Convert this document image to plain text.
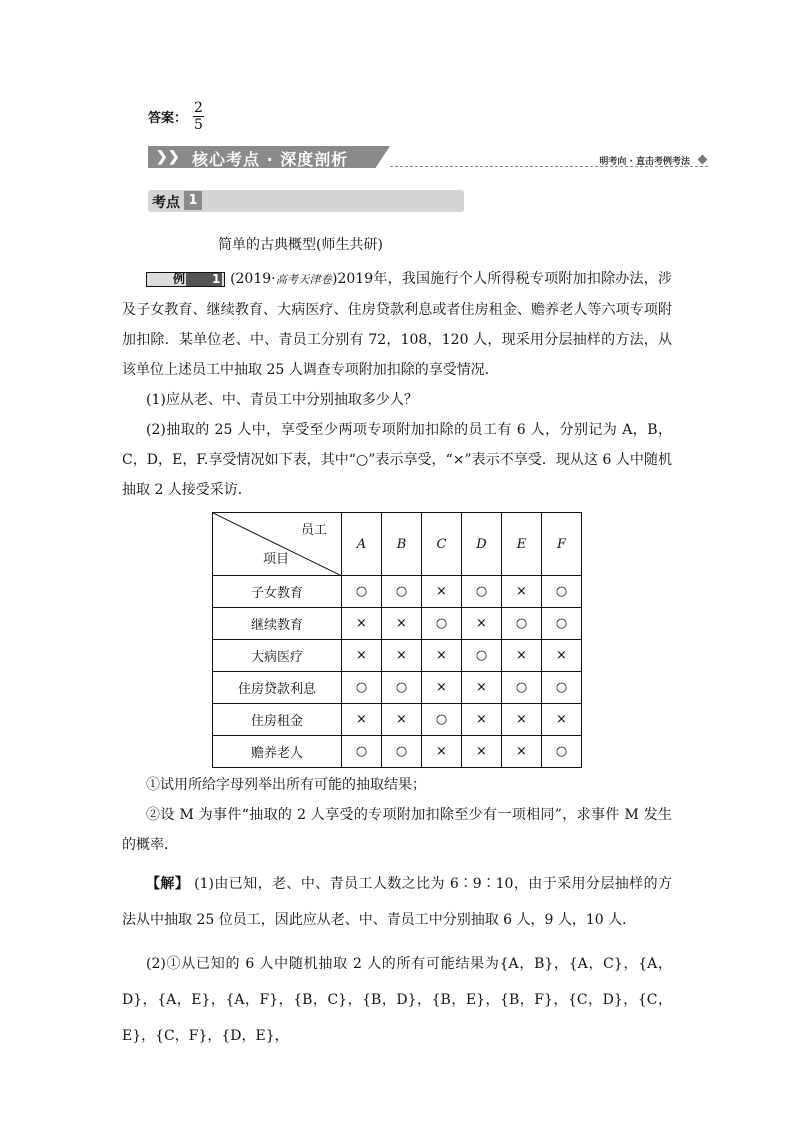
答案： $\frac{2}{5}$
❯ ❯ 核心考点 · 深度剖析	明考向 · 直击考例考法
考点 1
简单的古典概型(师生共研)

例 1 (2019·高考天津卷)2019年，我国施行个人所得税专项附加扣除办法，涉及子女教育、继续教育、大病医疗、住房贷款利息或者住房租金、赡养老人等六项专项附加扣除．某单位老、中、青员工分别有 72，108，120 人，现采用分层抽样的方法，从该单位上述员工中抽取 25 人调查专项附加扣除的享受情况．

(1)应从老、中、青员工中分别抽取多少人？

(2)抽取的 25 人中，享受至少两项专项附加扣除的员工有 6 人，分别记为 A，B，C，D，E，F.享受情况如下表，其中“○”表示享受，“×”表示不享受．现从这 6 人中随机抽取 2 人接受采访．

员工
项目	A	B	C	D	E	F
子女教育	○	○	×	○	×	○
继续教育	×	×	○	×	○	○
大病医疗	×	×	×	○	×	×
住房贷款利息	○	○	×	×	○	○
住房租金	×	×	○	×	×	×
赡养老人	○	○	×	×	×	○

①试用所给字母列举出所有可能的抽取结果；

②设 M 为事件“抽取的 2 人享受的专项附加扣除至少有一项相同”，求事件 M 发生的概率．

【解】 (1)由已知，老、中、青员工人数之比为 6∶9∶10，由于采用分层抽样的方法从中抽取 25 位员工，因此应从老、中、青员工中分别抽取 6 人，9 人，10 人．

(2)①从已知的 6 人中随机抽取 2 人的所有可能结果为{A，B}，{A，C}，{A，D}，{A，E}，{A，F}，{B，C}，{B，D}，{B，E}，{B，F}，{C，D}，{C，E}，{C，F}，{D，E}，
